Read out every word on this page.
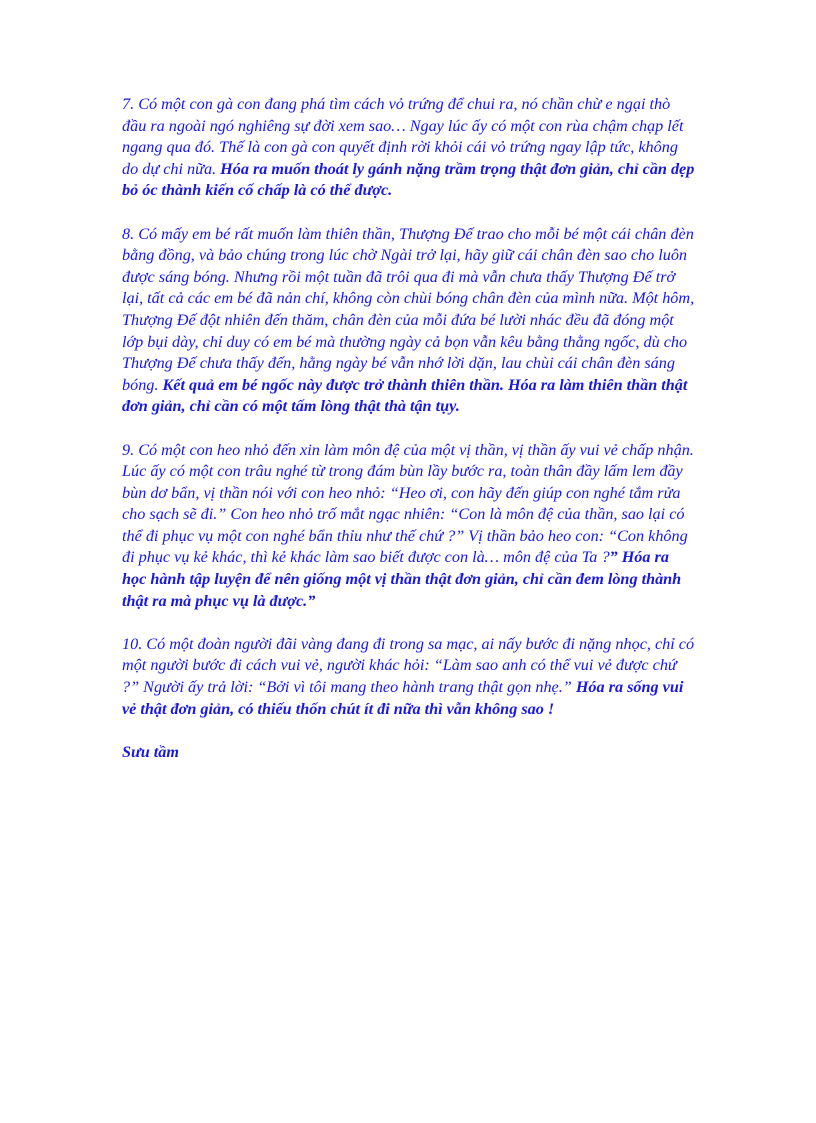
7. Có một con gà con đang phá tìm cách vỏ trứng để chui ra, nó chần chừ e ngại thò đầu ra ngoài ngó nghiêng sự đời xem sao… Ngay lúc ấy có một con rùa chậm chạp lết ngang qua đó. Thế là con gà con quyết định rời khỏi cái vỏ trứng ngay lập tức, không do dự chi nữa. Hóa ra muốn thoát ly gánh nặng trầm trọng thật đơn giản, chỉ cần dẹp bỏ óc thành kiến cố chấp là có thể được.

8. Có mấy em bé rất muốn làm thiên thần, Thượng Đế trao cho mỗi bé một cái chân đèn bằng đồng, và bảo chúng trong lúc chờ Ngài trở lại, hãy giữ cái chân đèn sao cho luôn được sáng bóng. Nhưng rồi một tuần đã trôi qua đi mà vẫn chưa thấy Thượng Đế trở lại, tất cả các em bé đã nản chí, không còn chùi bóng chân đèn của mình nữa. Một hôm, Thượng Đế đột nhiên đến thăm, chân đèn của mỗi đứa bé lười nhác đều đã đóng một lớp bụi dày, chỉ duy có em bé mà thường ngày cả bọn vẫn kêu bằng thằng ngốc, dù cho Thượng Đế chưa thấy đến, hằng ngày bé vẫn nhớ lời dặn, lau chùi cái chân đèn sáng bóng. Kết quả em bé ngốc này được trở thành thiên thần. Hóa ra làm thiên thần thật đơn giản, chỉ cần có một tấm lòng thật thà tận tụy.

9. Có một con heo nhỏ đến xin làm môn đệ của một vị thần, vị thần ấy vui vẻ chấp nhận. Lúc ấy có một con trâu nghé từ trong đám bùn lầy bước ra, toàn thân đầy lấm lem đầy bùn dơ bẩn, vị thần nói với con heo nhỏ: “Heo ơi, con hãy đến giúp con nghé tắm rửa cho sạch sẽ đi.” Con heo nhỏ trố mắt ngạc nhiên: “Con là môn đệ của thần, sao lại có thể đi phục vụ một con nghé bẩn thỉu như thế chứ ?” Vị thần bảo heo con: “Con không đi phục vụ kẻ khác, thì kẻ khác làm sao biết được con là… môn đệ của Ta ?” Hóa ra học hành tập luyện để nên giống một vị thần thật đơn giản, chỉ cần đem lòng thành thật ra mà phục vụ là được.”

10. Có một đoàn người đãi vàng đang đi trong sa mạc, ai nấy bước đi nặng nhọc, chỉ có một người bước đi cách vui vẻ, người khác hỏi: “Làm sao anh có thể vui vẻ được chứ ?” Người ấy trả lời: “Bởi vì tôi mang theo hành trang thật gọn nhẹ.” Hóa ra sống vui vẻ thật đơn giản, có thiếu thốn chút ít đi nữa thì vẫn không sao !

Sưu tầm
